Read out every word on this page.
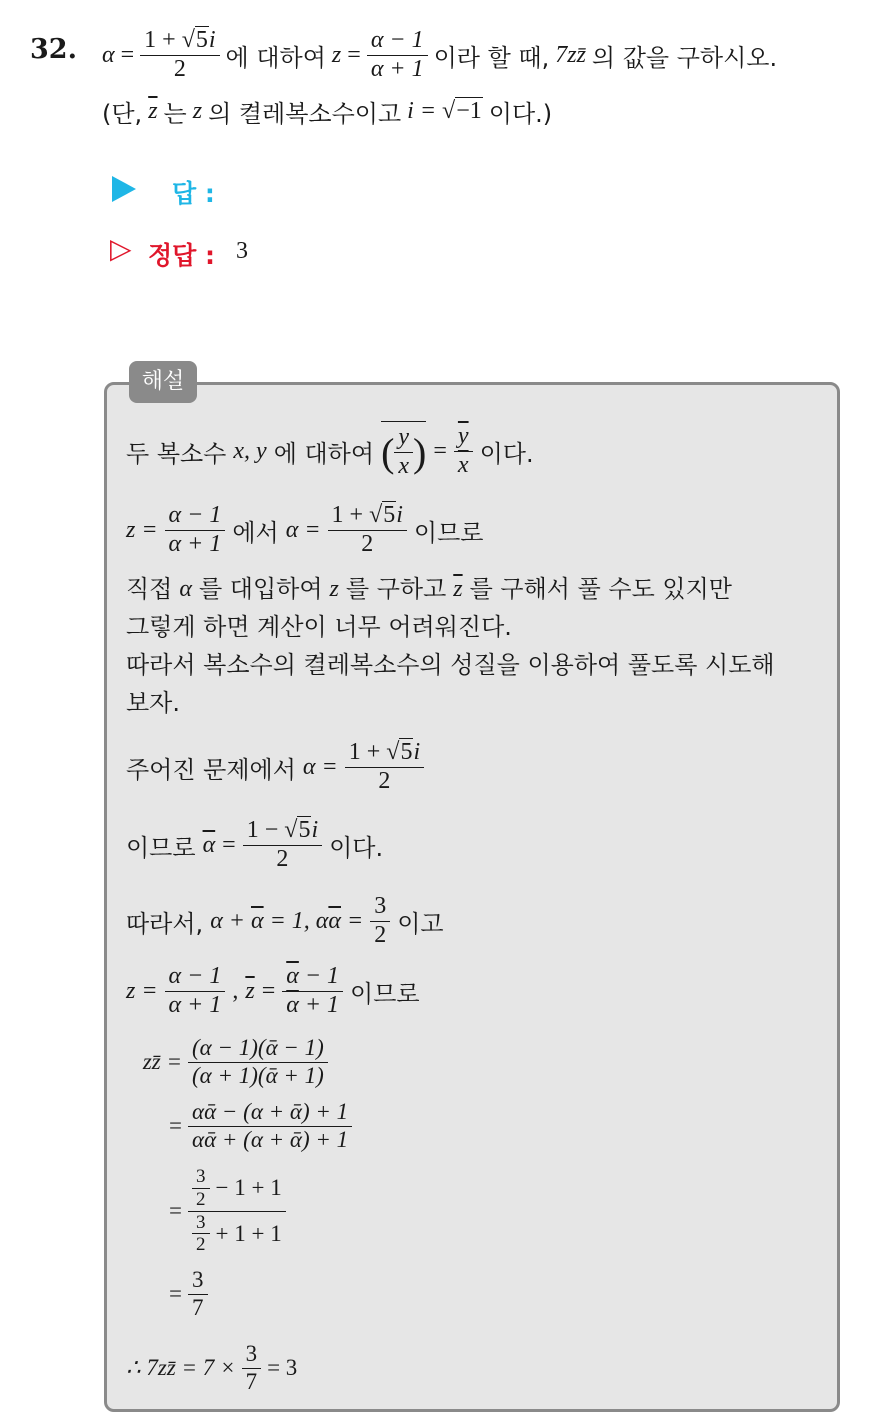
32. $\alpha = \frac{1 + √5i}{2}$ 에 대하여 $z = \frac{\alpha - 1}{\alpha + 1}$ 이라 할 때, 7zz̄ 의 값을 구하시오.
(단, $\overline{z}$ 는 z 의 켤레복소수이고 i = √−1 이다.)
답 :
▷ 정답 : 3
해설
두 복소수 x, y 에 대하여 ( $\frac{y}{x}$ ) = $\frac{\overline{y}}{x}$ 이다.
$z = \frac{\alpha - 1}{\alpha + 1}$ 에서 $\alpha = \frac{1 + √5i}{2}$ 이므로
직접 α 를 대입하여 z 를 구하고 $\overline{z}$ 를 구해서 풀 수도 있지만
그렇게 하면 계산이 너무 어려워진다.
따라서 복소수의 켤레복소수의 성질을 이용하여 풀도록 시도해
보자.
주어진 문제에서 $\alpha = \frac{1 + √5i}{2}$
이므로 $\overline{\alpha} = \frac{1 - √5i}{2}$ 이다.
따라서, $\alpha + \overline{\alpha} = 1$, $\alpha\overline{\alpha} = \frac{3}{2}$ 이고
$z = \frac{\alpha - 1}{\alpha + 1}$ , $\overline{z} = \frac{\overline{\alpha} - 1}{\overline{\alpha} + 1}$ 이므로
zz̄ = $\frac{\text{(α − 1)(ᾱ − 1)}}{\text{(α + 1)(ᾱ + 1)}}$
= $\frac{\text{αᾱ − (α + ᾱ) + 1}}{\text{αᾱ + (α + ᾱ) + 1}}$
= $\frac{\frac{3}{2} - 1 + 1}{\frac{3}{2} + 1 + 1}$
= $\frac{3}{7}$
∴ 7zz̄ = $7 \times \frac{3}{7} = 3$
